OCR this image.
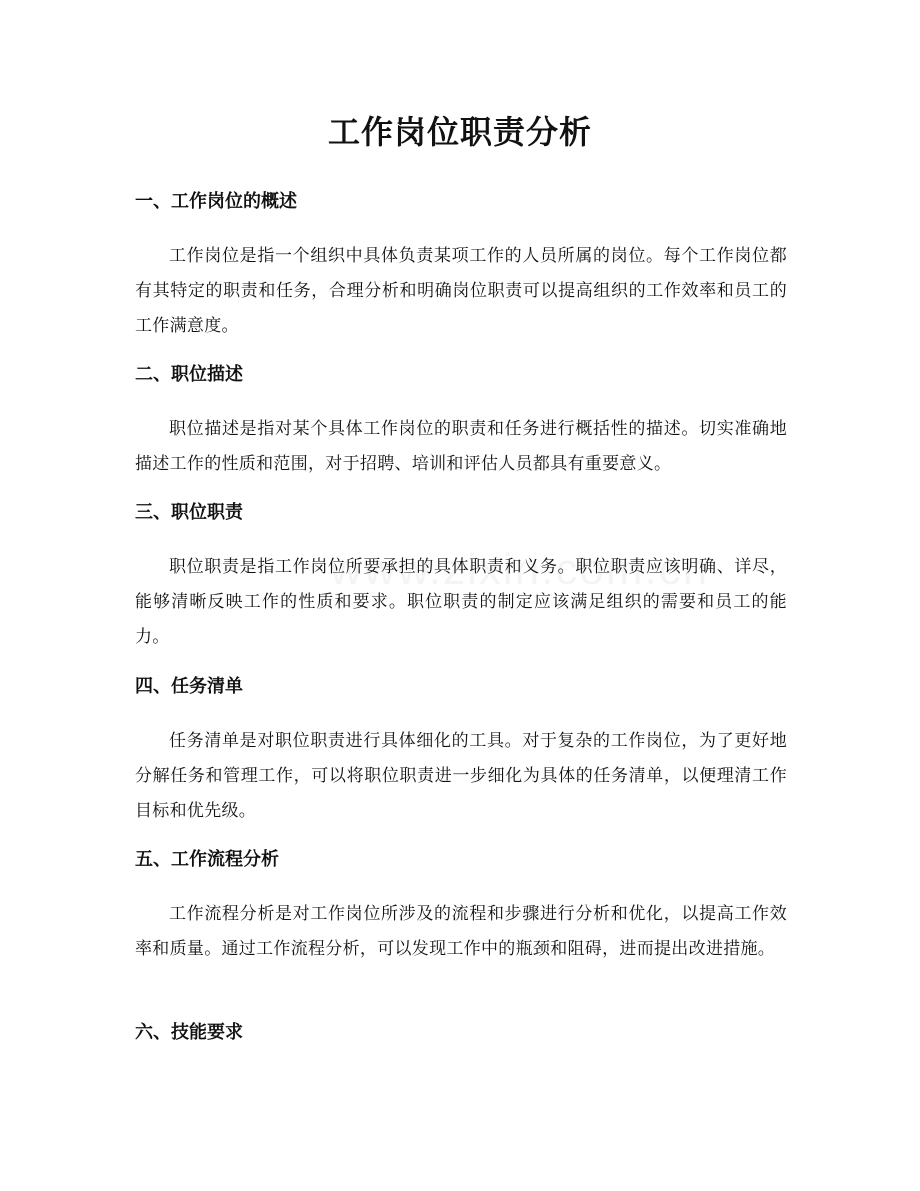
工作岗位职责分析
一、工作岗位的概述

工作岗位是指一个组织中具体负责某项工作的人员所属的岗位。每个工作岗位都有其特定的职责和任务，合理分析和明确岗位职责可以提高组织的工作效率和员工的工作满意度。

二、职位描述

职位描述是指对某个具体工作岗位的职责和任务进行概括性的描述。切实准确地描述工作的性质和范围，对于招聘、培训和评估人员都具有重要意义。

三、职位职责

职位职责是指工作岗位所要承担的具体职责和义务。职位职责应该明确、详尽，能够清晰反映工作的性质和要求。职位职责的制定应该满足组织的需要和员工的能力。

四、任务清单

任务清单是对职位职责进行具体细化的工具。对于复杂的工作岗位，为了更好地分解任务和管理工作，可以将职位职责进一步细化为具体的任务清单，以便理清工作目标和优先级。

五、工作流程分析

工作流程分析是对工作岗位所涉及的流程和步骤进行分析和优化，以提高工作效率和质量。通过工作流程分析，可以发现工作中的瓶颈和阻碍，进而提出改进措施。

六、技能要求
